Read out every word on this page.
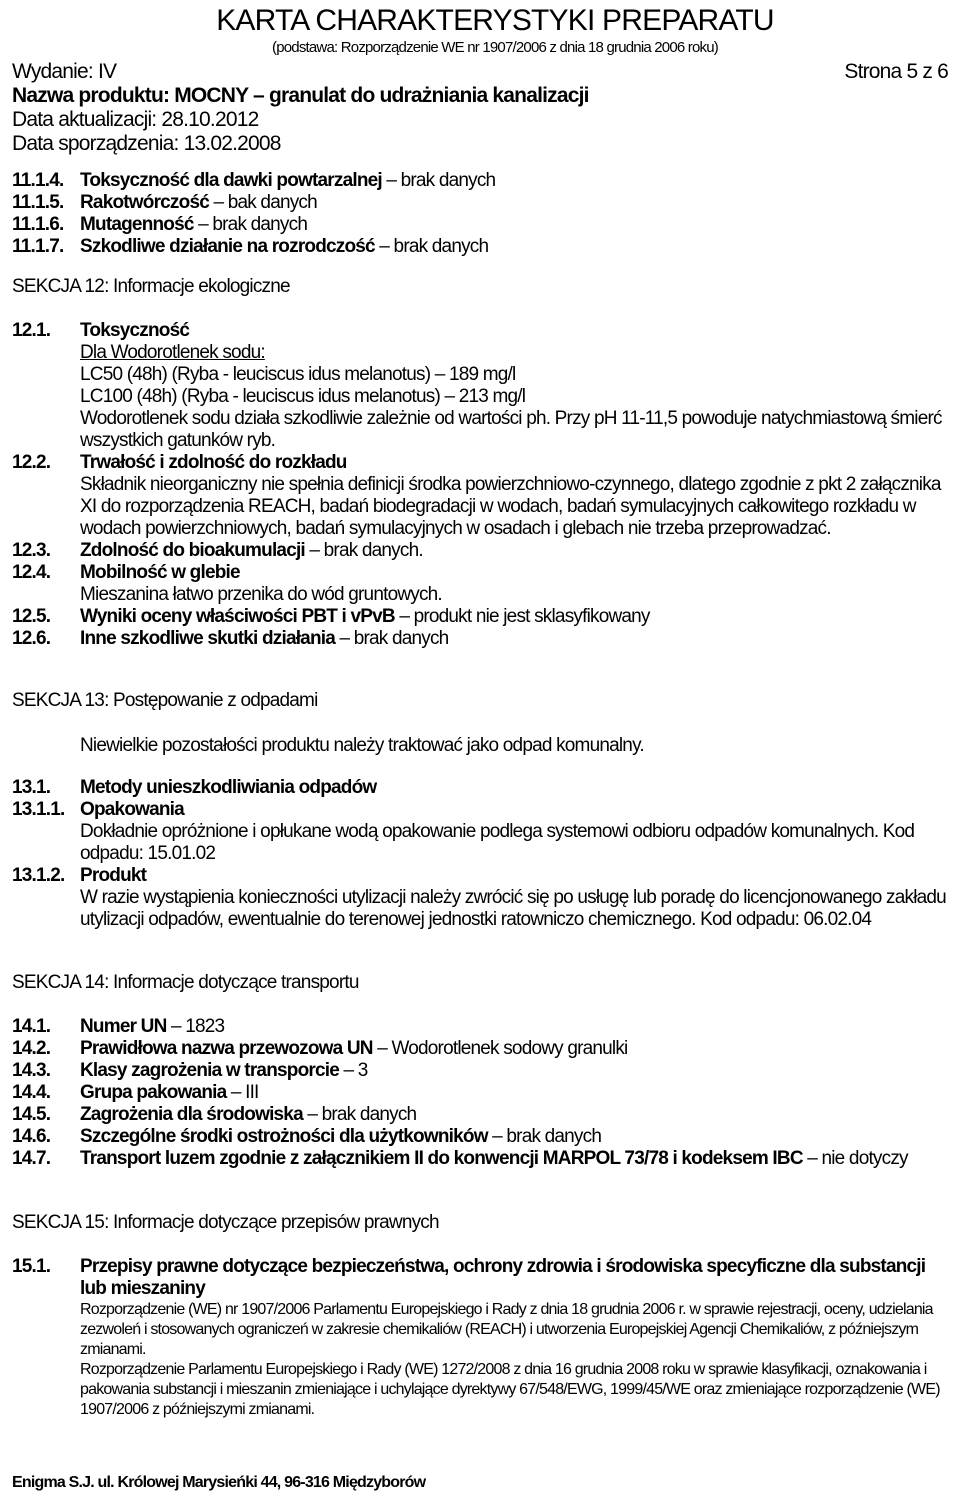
KARTA CHARAKTERYSTYKI PREPARATU
(podstawa: Rozporządzenie WE nr 1907/2006 z dnia 18 grudnia 2006 roku)
Wydanie: IV	Strona 5 z 6
Nazwa produktu: MOCNY – granulat do udrażniania kanalizacji
Data aktualizacji: 28.10.2012
Data sporządzenia: 13.02.2008
11.1.4. Toksyczność dla dawki powtarzalnej – brak danych
11.1.5. Rakotwórczość – bak danych
11.1.6. Mutagenność – brak danych
11.1.7. Szkodliwe działanie na rozrodczość – brak danych
SEKCJA 12: Informacje ekologiczne
12.1.	Toksyczność
Dla Wodorotlenek sodu:
LC50 (48h) (Ryba - leuciscus idus melanotus) – 189 mg/l
LC100 (48h) (Ryba - leuciscus idus melanotus) – 213 mg/l
Wodorotlenek sodu działa szkodliwie zależnie od wartości ph. Przy pH 11-11,5 powoduje natychmiastową śmierć wszystkich gatunków ryb.
12.2.	Trwałość i zdolność do rozkładu
Składnik nieorganiczny nie spełnia definicji środka powierzchniowo-czynnego, dlatego zgodnie z pkt 2 załącznika XI do rozporządzenia REACH, badań biodegradacji w wodach, badań symulacyjnych całkowitego rozkładu w wodach powierzchniowych, badań symulacyjnych w osadach i glebach nie trzeba przeprowadzać.
12.3.	Zdolność do bioakumulacji – brak danych.
12.4.	Mobilność w glebie
Mieszanina łatwo przenika do wód gruntowych.
12.5.	Wyniki oceny właściwości PBT i vPvB – produkt nie jest sklasyfikowany
12.6.	Inne szkodliwe skutki działania – brak danych
SEKCJA 13: Postępowanie z odpadami
Niewielkie pozostałości produktu należy traktować jako odpad komunalny.
13.1.	Metody unieszkodliwiania odpadów
13.1.1. Opakowania
Dokładnie opróżnione i opłukane wodą opakowanie podlega systemowi odbioru odpadów komunalnych. Kod odpadu: 15.01.02
13.1.2. Produkt
W razie wystąpienia konieczności utylizacji należy zwrócić się po usługę lub poradę do licencjonowanego zakładu utylizacji odpadów, ewentualnie do terenowej jednostki ratowniczo chemicznego. Kod odpadu: 06.02.04
SEKCJA 14: Informacje dotyczące transportu
14.1.	Numer UN – 1823
14.2.	Prawidłowa nazwa przewozowa UN – Wodorotlenek sodowy granulki
14.3.	Klasy zagrożenia w transporcie – 3
14.4.	Grupa pakowania – III
14.5.	Zagrożenia dla środowiska – brak danych
14.6.	Szczególne środki ostrożności dla użytkowników – brak danych
14.7.	Transport luzem zgodnie z załącznikiem II do konwencji MARPOL 73/78 i kodeksem IBC – nie dotyczy
SEKCJA 15: Informacje dotyczące przepisów prawnych
15.1.	Przepisy prawne dotyczące bezpieczeństwa, ochrony zdrowia i środowiska specyficzne dla substancji lub mieszaniny
Rozporządzenie (WE) nr 1907/2006 Parlamentu Europejskiego i Rady z dnia 18 grudnia 2006 r. w sprawie rejestracji, oceny, udzielania zezwoleń i stosowanych ograniczeń w zakresie chemikaliów (REACH) i utworzenia Europejskiej Agencji Chemikaliów, z późniejszym zmianami.
Rozporządzenie Parlamentu Europejskiego i Rady (WE) 1272/2008 z dnia 16 grudnia 2008 roku w sprawie klasyfikacji, oznakowania i pakowania substancji i mieszanin zmieniające i uchylające dyrektywy 67/548/EWG, 1999/45/WE oraz zmieniające rozporządzenie (WE) 1907/2006 z późniejszymi zmianami.
Enigma S.J. ul. Królowej Marysieńki 44, 96-316 Międzyborów
